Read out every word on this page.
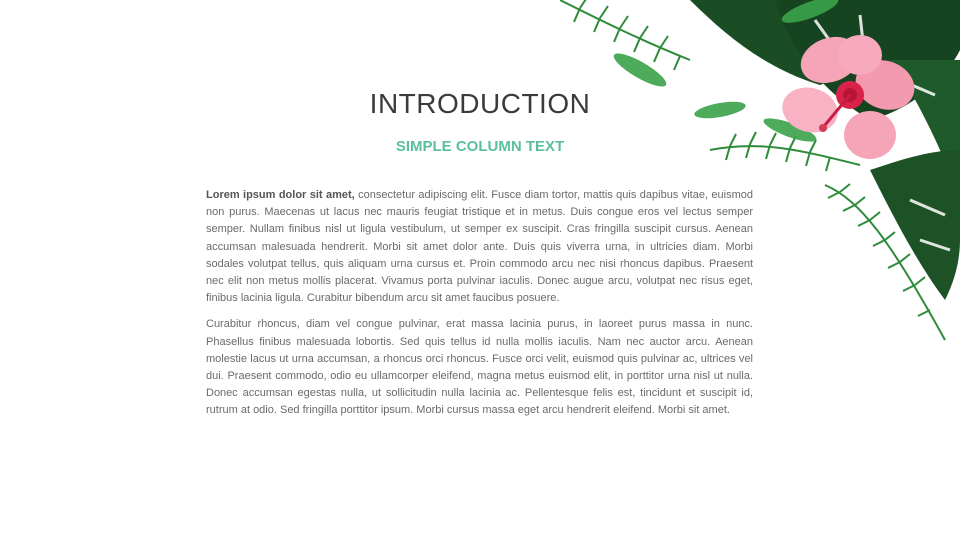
INTRODUCTION
SIMPLE COLUMN TEXT

Lorem ipsum dolor sit amet, consectetur adipiscing elit. Fusce diam tortor, mattis quis dapibus vitae, euismod non purus. Maecenas ut lacus nec mauris feugiat tristique et in metus. Duis congue eros vel lectus semper semper. Nullam finibus nisl ut ligula vestibulum, ut semper ex suscipit. Cras fringilla suscipit cursus. Aenean accumsan malesuada hendrerit. Morbi sit amet dolor ante. Duis quis viverra urna, in ultricies diam. Morbi sodales volutpat tellus, quis aliquam urna cursus et. Proin commodo arcu nec nisi rhoncus dapibus. Praesent nec elit non metus mollis placerat. Vivamus porta pulvinar iaculis. Donec augue arcu, volutpat nec risus eget, finibus lacinia ligula. Curabitur bibendum arcu sit amet faucibus posuere.

Curabitur rhoncus, diam vel congue pulvinar, erat massa lacinia purus, in laoreet purus massa in nunc. Phasellus finibus malesuada lobortis. Sed quis tellus id nulla mollis iaculis. Nam nec auctor arcu. Aenean molestie lacus ut urna accumsan, a rhoncus orci rhoncus. Fusce orci velit, euismod quis pulvinar ac, ultrices vel dui. Praesent commodo, odio eu ullamcorper eleifend, magna metus euismod elit, in porttitor urna nisl ut nulla. Donec accumsan egestas nulla, ut sollicitudin nulla lacinia ac. Pellentesque felis est, tincidunt et suscipit id, rutrum at odio. Sed fringilla porttitor ipsum. Morbi cursus massa eget arcu hendrerit eleifend. Morbi sit amet.
